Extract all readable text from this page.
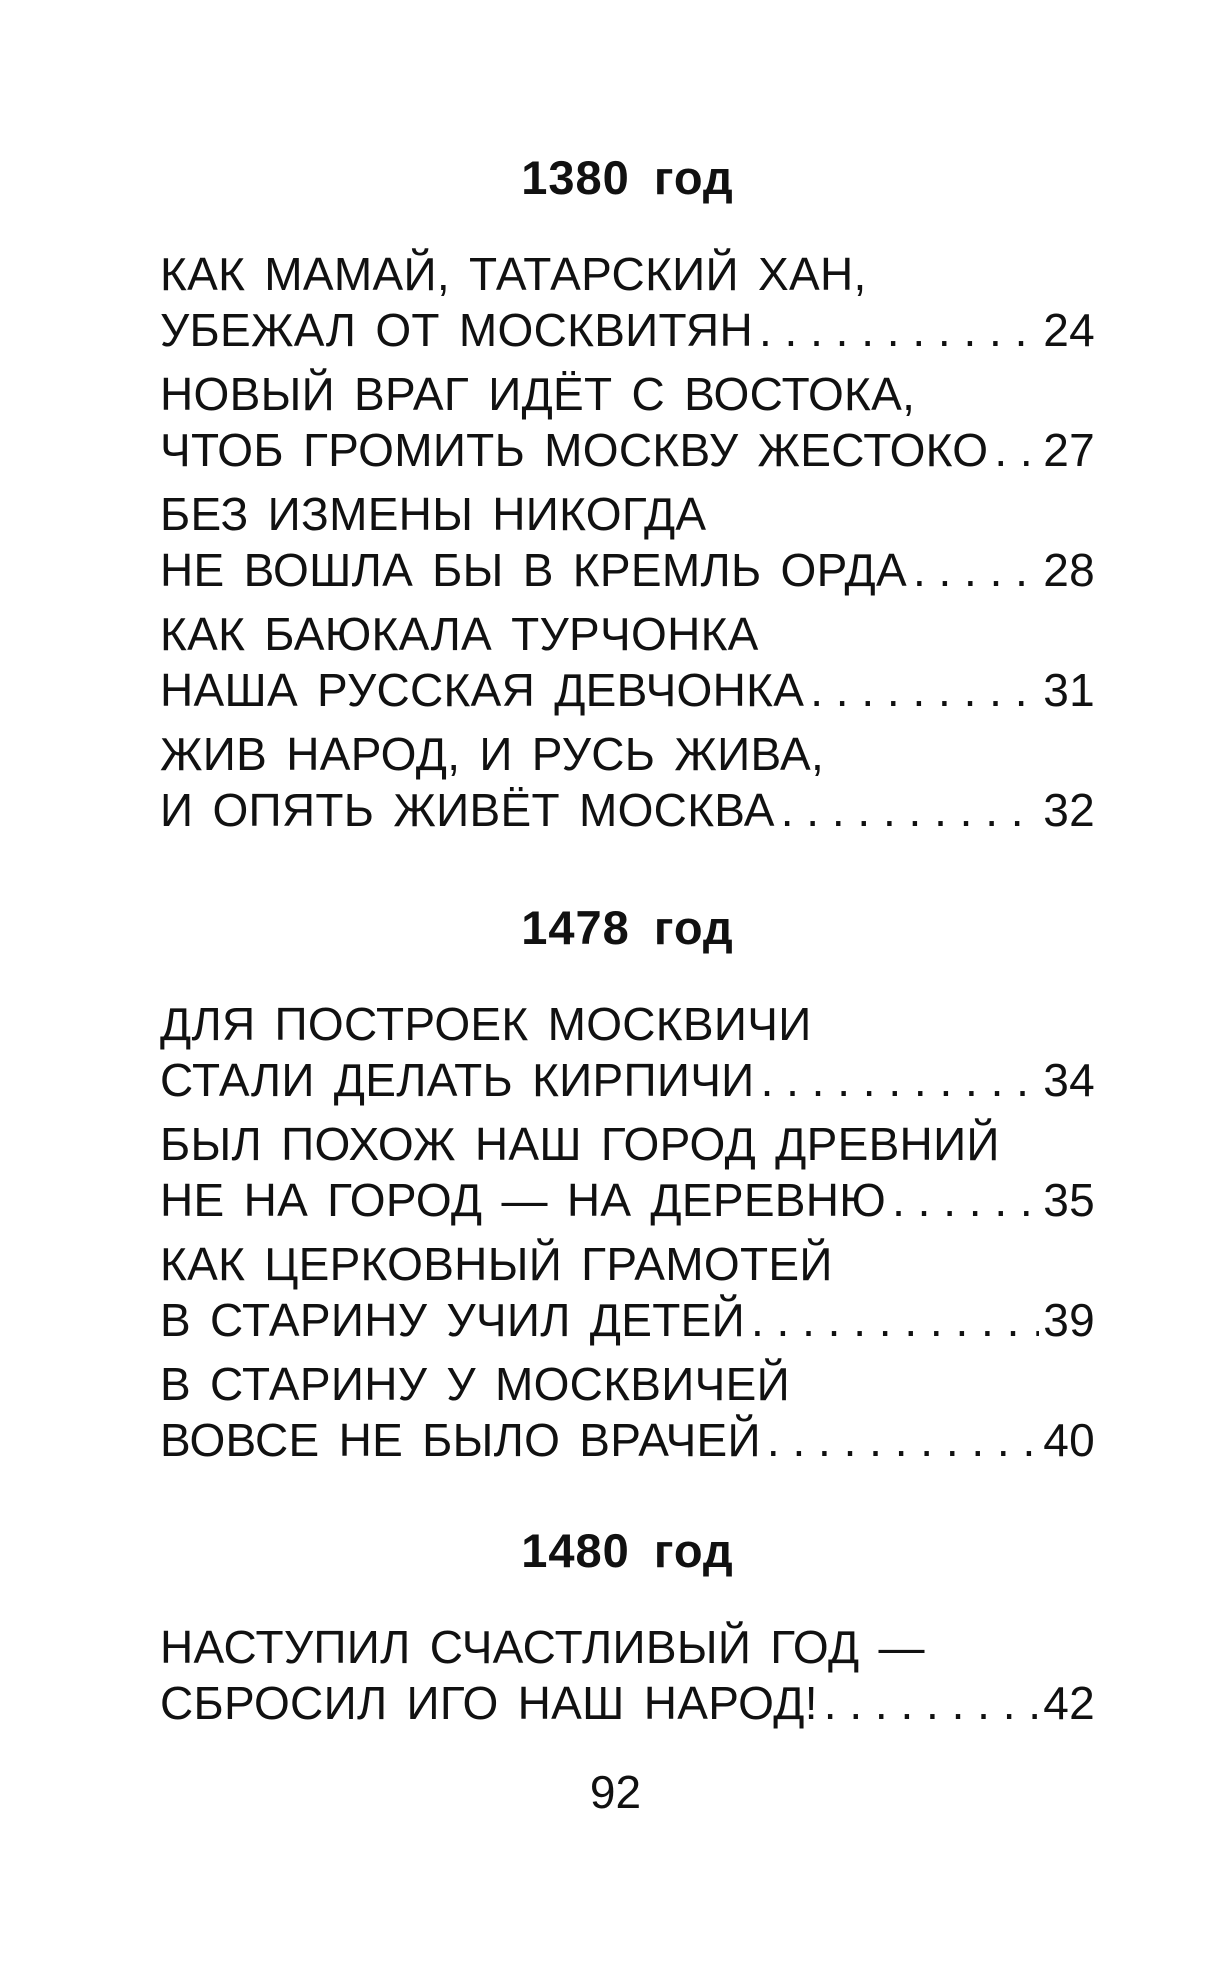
1380 год
КАК МАМАЙ, ТАТАРСКИЙ ХАН,
УБЕЖАЛ ОТ МОСКВИТЯН . . .	24
НОВЫЙ ВРАГ ИДЁТ С ВОСТОКА,
ЧТОБ ГРОМИТЬ МОСКВУ ЖЕСТОКО . . . 27
БЕЗ ИЗМЕНЫ НИКОГДА
НЕ ВОШЛА БЫ В КРЕМЛЬ ОРДА . . .	28
КАК БАЮКАЛА ТУРЧОНКА
НАША РУССКАЯ ДЕВЧОНКА . . .	31
ЖИВ НАРОД, И РУСЬ ЖИВА,
И ОПЯТЬ ЖИВЁТ МОСКВА . . .	32
1478 год
ДЛЯ ПОСТРОЕК МОСКВИЧИ
СТАЛИ ДЕЛАТЬ КИРПИЧИ . . .	34
БЫЛ ПОХОЖ НАШ ГОРОД ДРЕВНИЙ
НЕ НА ГОРОД — НА ДЕРЕВНЮ . . .	35
КАК ЦЕРКОВНЫЙ ГРАМОТЕЙ
В СТАРИНУ УЧИЛ ДЕТЕЙ . . .	39
В СТАРИНУ У МОСКВИЧЕЙ
ВОВСЕ НЕ БЫЛО ВРАЧЕЙ . . .	40
1480 год
НАСТУПИЛ СЧАСТЛИВЫЙ ГОД —
СБРОСИЛ ИГО НАШ НАРОД! . . .	42
92
